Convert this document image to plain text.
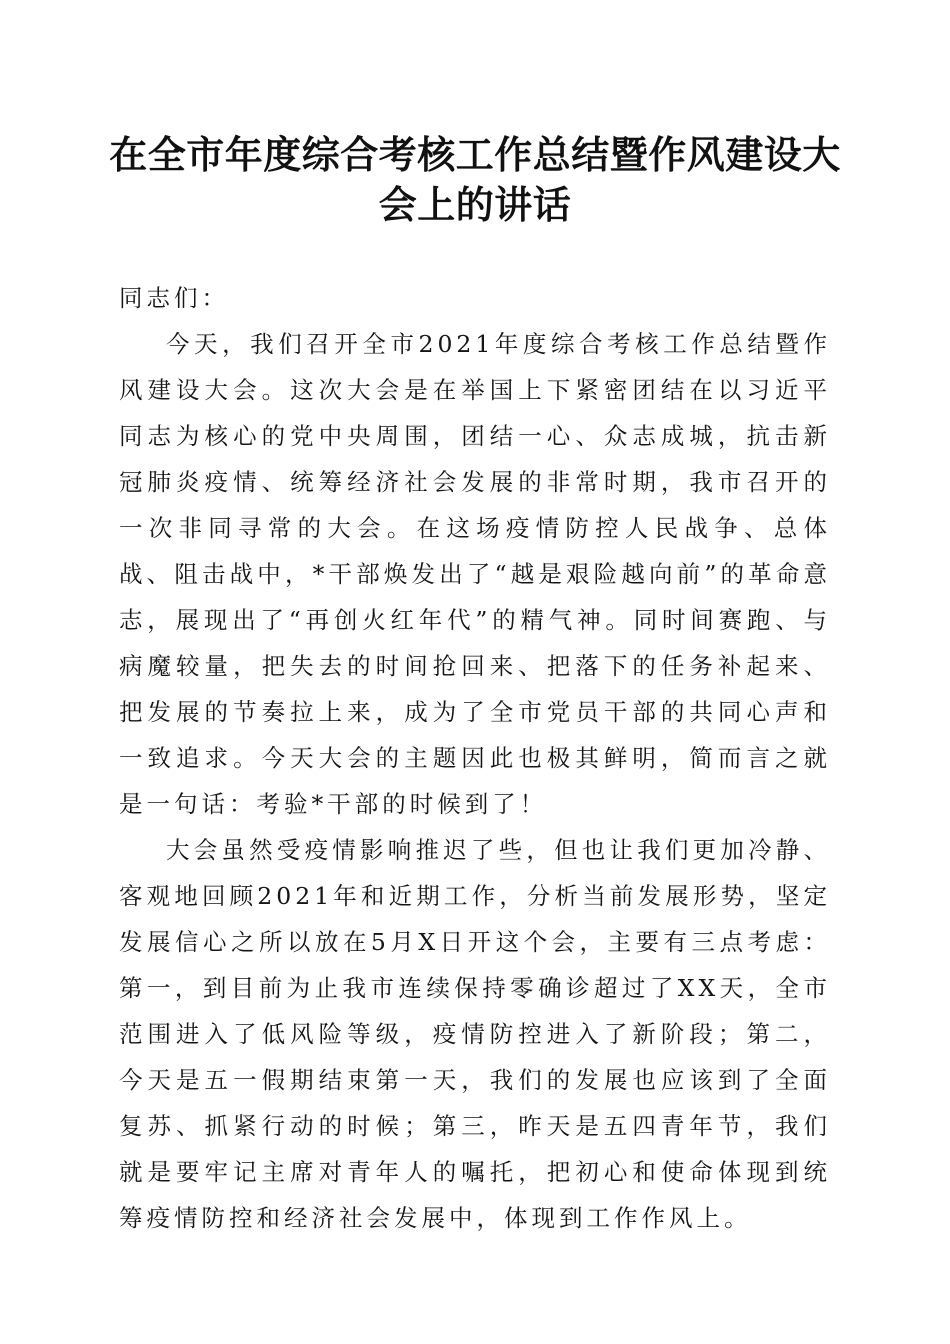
在全市年度综合考核工作总结暨作风建设大会上的讲话

同志们：

今天，我们召开全市2021年度综合考核工作总结暨作风建设大会。这次大会是在举国上下紧密团结在以习近平同志为核心的党中央周围，团结一心、众志成城，抗击新冠肺炎疫情、统筹经济社会发展的非常时期，我市召开的一次非同寻常的大会。在这场疫情防控人民战争、总体战、阻击战中，*干部焕发出了“越是艰险越向前”的革命意志，展现出了“再创火红年代”的精气神。同时间赛跑、与病魔较量，把失去的时间抢回来、把落下的任务补起来、把发展的节奏拉上来，成为了全市党员干部的共同心声和一致追求。今天大会的主题因此也极其鲜明，简而言之就是一句话：考验*干部的时候到了！

大会虽然受疫情影响推迟了些，但也让我们更加冷静、客观地回顾2021年和近期工作，分析当前发展形势，坚定发展信心之所以放在5月X日开这个会，主要有三点考虑：第一，到目前为止我市连续保持零确诊超过了XX天，全市范围进入了低风险等级，疫情防控进入了新阶段；第二，今天是五一假期结束第一天，我们的发展也应该到了全面复苏、抓紧行动的时候；第三，昨天是五四青年节，我们就是要牢记主席对青年人的嘱托，把初心和使命体现到统筹疫情防控和经济社会发展中，体现到工作作风上。
